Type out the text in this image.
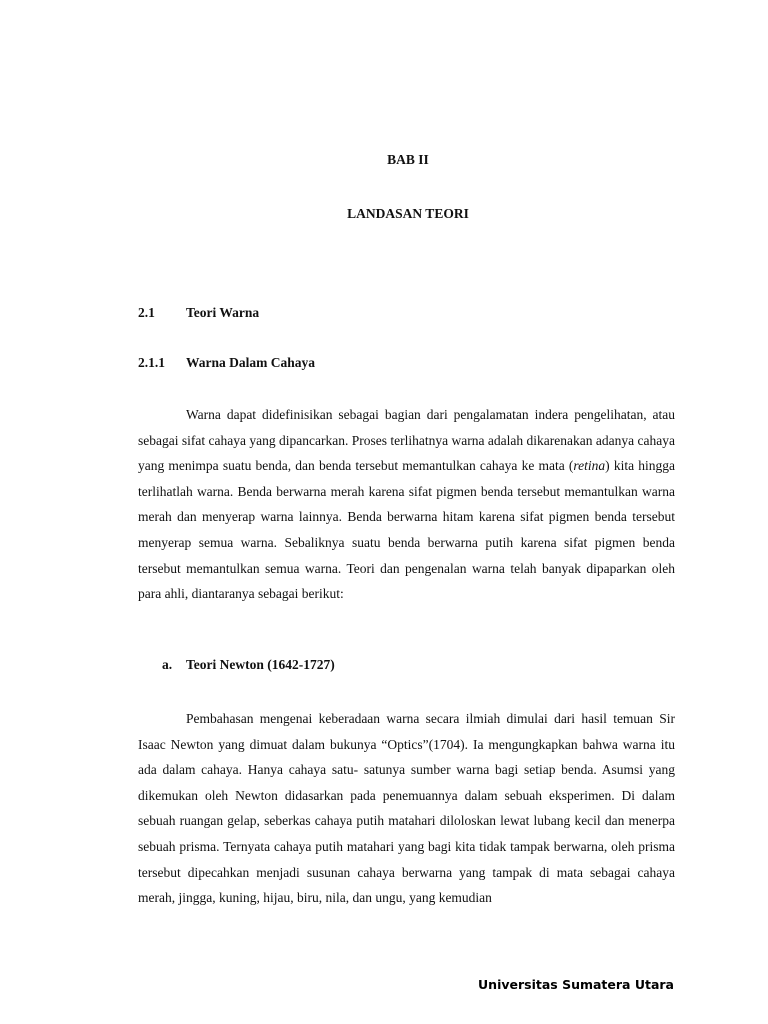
BAB II
LANDASAN TEORI
2.1 Teori Warna
2.1.1 Warna Dalam Cahaya

Warna dapat didefinisikan sebagai bagian dari pengalamatan indera pengelihatan, atau sebagai sifat cahaya yang dipancarkan. Proses terlihatnya warna adalah dikarenakan adanya cahaya yang menimpa suatu benda, dan benda tersebut memantulkan cahaya ke mata (retina) kita hingga terlihatlah warna. Benda berwarna merah karena sifat pigmen benda tersebut memantulkan warna merah dan menyerap warna lainnya. Benda berwarna hitam karena sifat pigmen benda tersebut menyerap semua warna. Sebaliknya suatu benda berwarna putih karena sifat pigmen benda tersebut memantulkan semua warna. Teori dan pengenalan warna telah banyak dipaparkan oleh para ahli, diantaranya sebagai berikut:

a. Teori Newton (1642-1727)

Pembahasan mengenai keberadaan warna secara ilmiah dimulai dari hasil temuan Sir Isaac Newton yang dimuat dalam bukunya “Optics”(1704). Ia mengungkapkan bahwa warna itu ada dalam cahaya. Hanya cahaya satu- satunya sumber warna bagi setiap benda. Asumsi yang dikemukan oleh Newton didasarkan pada penemuannya dalam sebuah eksperimen. Di dalam sebuah ruangan gelap, seberkas cahaya putih matahari diloloskan lewat lubang kecil dan menerpa sebuah prisma. Ternyata cahaya putih matahari yang bagi kita tidak tampak berwarna, oleh prisma tersebut dipecahkan menjadi susunan cahaya berwarna yang tampak di mata sebagai cahaya merah, jingga, kuning, hijau, biru, nila, dan ungu, yang kemudian

Universitas Sumatera Utara
